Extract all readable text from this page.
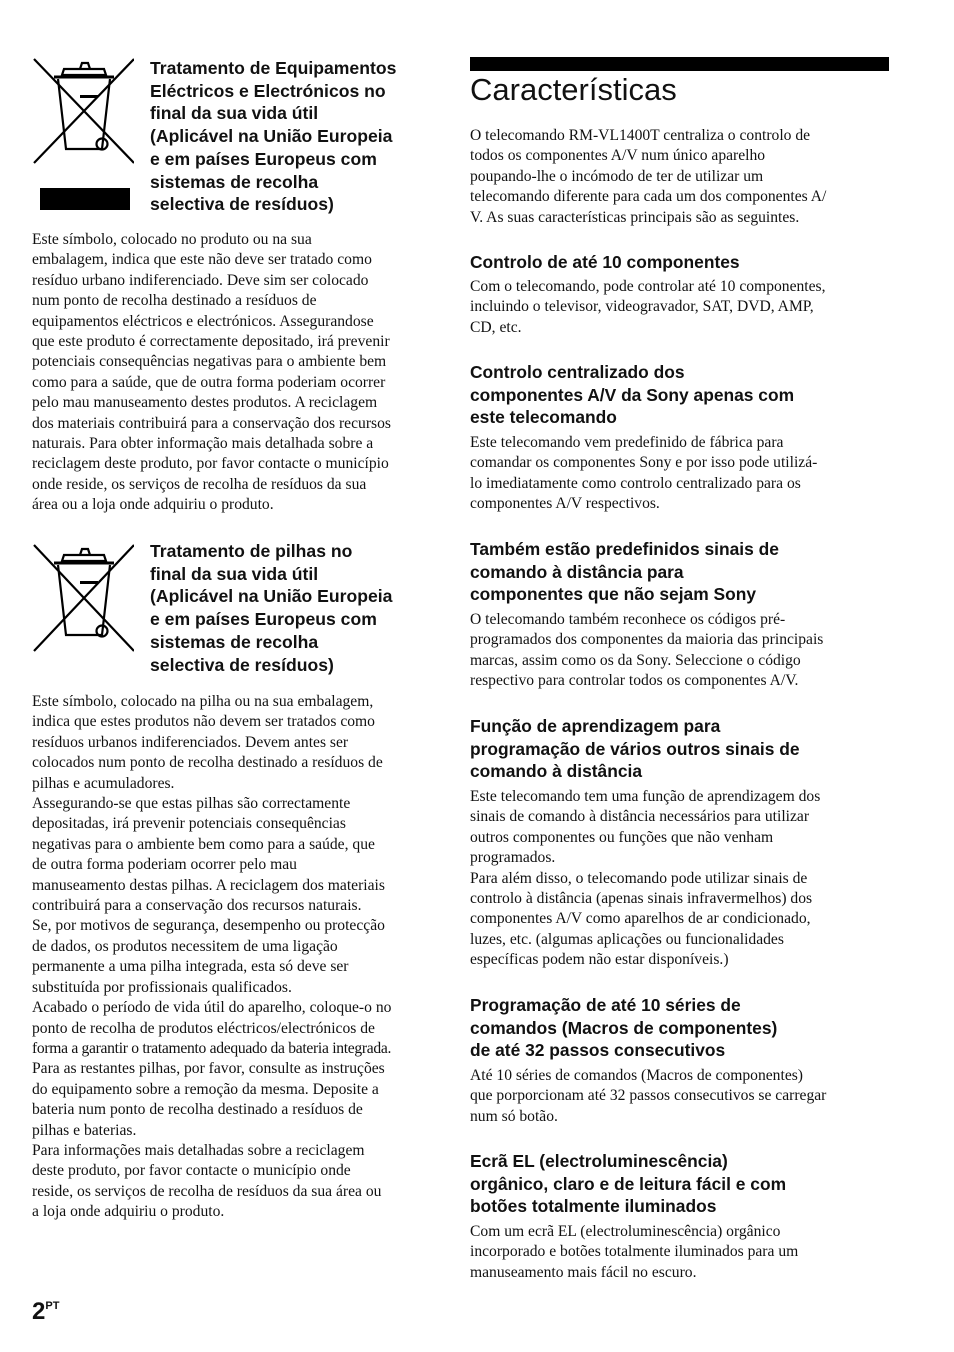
Tratamento de Equipamentos
Eléctricos e Electrónicos no
final da sua vida útil
(Aplicável na União Europeia
e em países Europeus com
sistemas de recolha
selectiva de resíduos)

Este símbolo, colocado no produto ou na sua

embalagem, indica que este não deve ser tratado como

resíduo urbano indiferenciado. Deve sim ser colocado

num ponto de recolha destinado a resíduos de

equipamentos eléctricos e electrónicos. Assegurandose

que este produto é correctamente depositado, irá prevenir

potenciais consequências negativas para o ambiente bem

como para a saúde, que de outra forma poderiam ocorrer

pelo mau manuseamento destes produtos. A reciclagem

dos materiais contribuirá para a conservação dos recursos

naturais. Para obter informação mais detalhada sobre a

reciclagem deste produto, por favor contacte o município

onde reside, os serviços de recolha de resíduos da sua

área ou a loja onde adquiriu o produto.

Tratamento de pilhas no
final da sua vida útil
(Aplicável na União Europeia
e em países Europeus com
sistemas de recolha
selectiva de resíduos)

Este símbolo, colocado na pilha ou na sua embalagem,

indica que estes produtos não devem ser tratados como

resíduos urbanos indiferenciados. Devem antes ser

colocados num ponto de recolha destinado a resíduos de

pilhas e acumuladores.

Assegurando-se que estas pilhas são correctamente

depositadas, irá prevenir potenciais consequências

negativas para o ambiente bem como para a saúde, que

de outra forma poderiam ocorrer pelo mau

manuseamento destas pilhas. A reciclagem dos materiais

contribuirá para a conservação dos recursos naturais.

Se, por motivos de segurança, desempenho ou protecção

de dados, os produtos necessitem de uma ligação

permanente a uma pilha integrada, esta só deve ser

substituída por profissionais qualificados.

Acabado o período de vida útil do aparelho, coloque-o no

ponto de recolha de produtos eléctricos/electrónicos de

forma a garantir o tratamento adequado da bateria integrada.

Para as restantes pilhas, por favor, consulte as instruções

do equipamento sobre a remoção da mesma. Deposite a

bateria num ponto de recolha destinado a resíduos de

pilhas e baterias.

Para informações mais detalhadas sobre a reciclagem

deste produto, por favor contacte o município onde

reside, os serviços de recolha de resíduos da sua área ou

a loja onde adquiriu o produto.

Características

O telecomando RM-VL1400T centraliza o controlo de

todos os componentes A/V num único aparelho

poupando-lhe o incómodo de ter de utilizar um

telecomando diferente para cada um dos componentes A/

V. As suas características principais são as seguintes.

Controlo de até 10 componentes

Com o telecomando, pode controlar até 10 componentes,

incluindo o televisor, videogravador, SAT, DVD, AMP,

CD, etc.

Controlo centralizado dos
componentes A/V da Sony apenas com
este telecomando

Este telecomando vem predefinido de fábrica para

comandar os componentes Sony e por isso pode utilizá-

lo imediatamente como controlo centralizado para os

componentes A/V respectivos.

Também estão predefinidos sinais de
comando à distância para
componentes que não sejam Sony

O telecomando também reconhece os códigos pré-

programados dos componentes da maioria das principais

marcas, assim como os da Sony. Seleccione o código

respectivo para controlar todos os componentes A/V.

Função de aprendizagem para
programação de vários outros sinais de
comando à distância

Este telecomando tem uma função de aprendizagem dos

sinais de comando à distância necessários para utilizar

outros componentes ou funções que não venham

programados.

Para além disso, o telecomando pode utilizar sinais de

controlo à distância (apenas sinais infravermelhos) dos

componentes A/V como aparelhos de ar condicionado,

luzes, etc. (algumas aplicações ou funcionalidades

específicas podem não estar disponíveis.)

Programação de até 10 séries de
comandos (Macros de componentes)
de até 32 passos consecutivos

Até 10 séries de comandos (Macros de componentes)

que porporcionam até 32 passos consecutivos se carregar

num só botão.

Ecrã EL (electroluminescência)
orgânico, claro e de leitura fácil e com
botões totalmente iluminados

Com um ecrã EL (electroluminescência) orgânico

incorporado e botões totalmente iluminados para um

manuseamento mais fácil no escuro.

$2^{PT}$
